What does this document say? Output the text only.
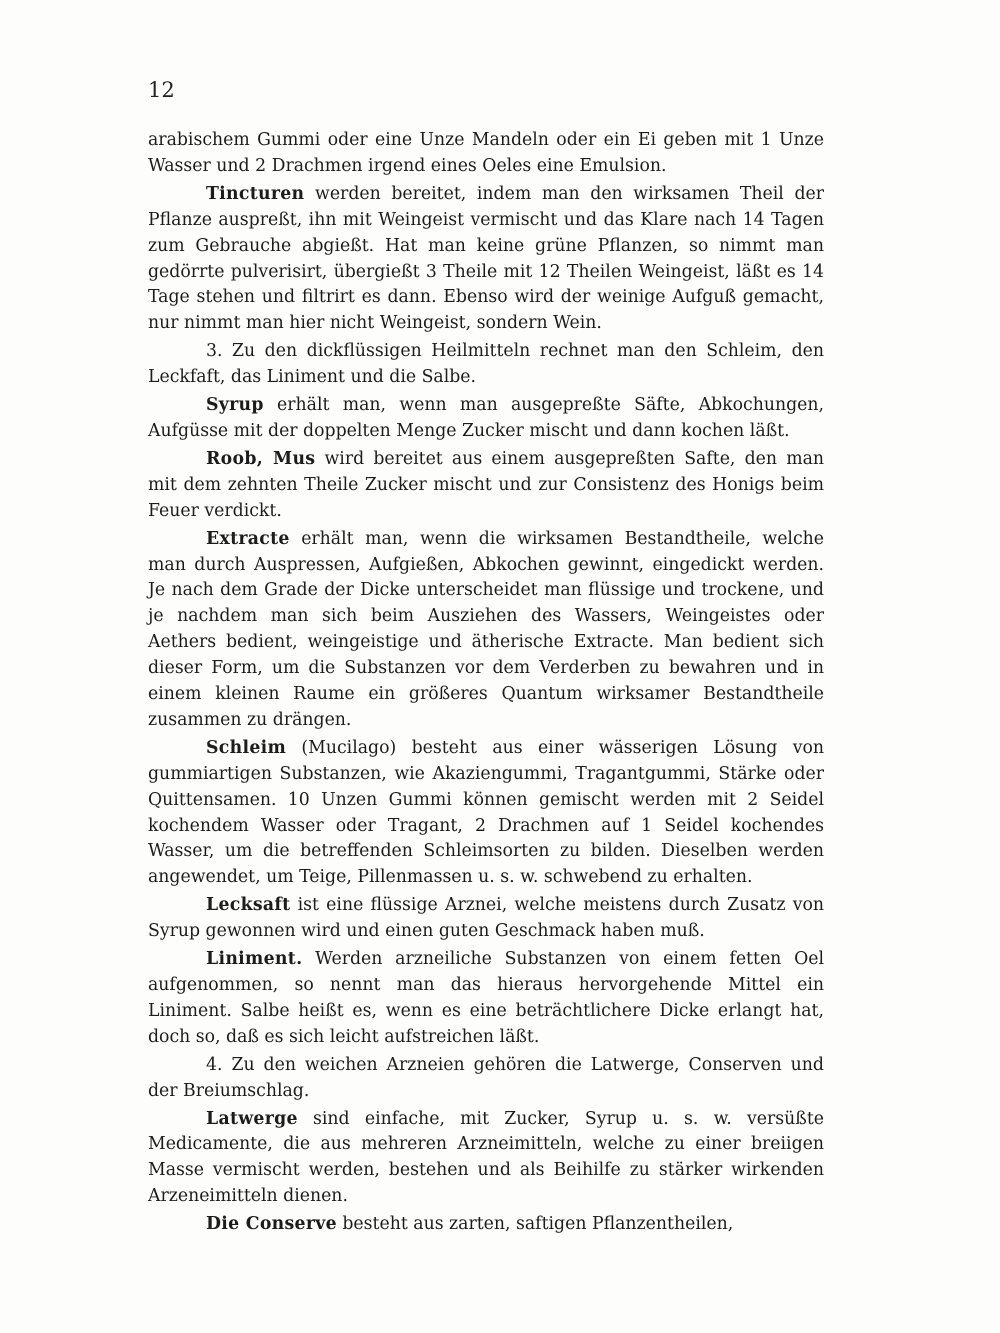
12

arabischem Gummi oder eine Unze Mandeln oder ein Ei geben mit 1 Unze Wasser und 2 Drachmen irgend eines Oeles eine Emulsion.

Tincturen werden bereitet, indem man den wirksamen Theil der Pflanze auspreßt, ihn mit Weingeist vermischt und das Klare nach 14 Tagen zum Gebrauche abgießt. Hat man keine grüne Pflanzen, so nimmt man gedörrte pulverisirt, übergießt 3 Theile mit 12 Theilen Weingeist, läßt es 14 Tage stehen und filtrirt es dann. Ebenso wird der weinige Aufguß gemacht, nur nimmt man hier nicht Weingeist, sondern Wein.

3. Zu den dickflüssigen Heilmitteln rechnet man den Schleim, den Leckfaft, das Liniment und die Salbe.

Syrup erhält man, wenn man ausgepreßte Säfte, Abkochungen, Aufgüsse mit der doppelten Menge Zucker mischt und dann kochen läßt.

Roob, Mus wird bereitet aus einem ausgepreßten Safte, den man mit dem zehnten Theile Zucker mischt und zur Consistenz des Honigs beim Feuer verdickt.

Extracte erhält man, wenn die wirksamen Bestandtheile, welche man durch Auspressen, Aufgießen, Abkochen gewinnt, eingedickt werden. Je nach dem Grade der Dicke unterscheidet man flüssige und trockene, und je nachdem man sich beim Ausziehen des Wassers, Weingeistes oder Aethers bedient, weingeistige und ätherische Extracte. Man bedient sich dieser Form, um die Substanzen vor dem Verderben zu bewahren und in einem kleinen Raume ein größeres Quantum wirksamer Bestandtheile zusammen zu drängen.

Schleim (Mucilago) besteht aus einer wässerigen Lösung von gummiartigen Substanzen, wie Akaziengummi, Tragantgummi, Stärke oder Quittensamen. 10 Unzen Gummi können gemischt werden mit 2 Seidel kochendem Wasser oder Tragant, 2 Drachmen auf 1 Seidel kochendes Wasser, um die betreffenden Schleimsorten zu bilden. Dieselben werden angewendet, um Teige, Pillenmassen u. s. w. schwebend zu erhalten.

Lecksaft ist eine flüssige Arznei, welche meistens durch Zusatz von Syrup gewonnen wird und einen guten Geschmack haben muß.

Liniment. Werden arzneiliche Substanzen von einem fetten Oel aufgenommen, so nennt man das hieraus hervorgehende Mittel ein Liniment. Salbe heißt es, wenn es eine beträchtlichere Dicke erlangt hat, doch so, daß es sich leicht aufstreichen läßt.

4. Zu den weichen Arzneien gehören die Latwerge, Conserven und der Breiumschlag.

Latwerge sind einfache, mit Zucker, Syrup u. s. w. versüßte Medicamente, die aus mehreren Arzneimitteln, welche zu einer breiigen Masse vermischt werden, bestehen und als Beihilfe zu stärker wirkenden Arzeneimitteln dienen.

Die Conserve besteht aus zarten, saftigen Pflanzentheilen,
